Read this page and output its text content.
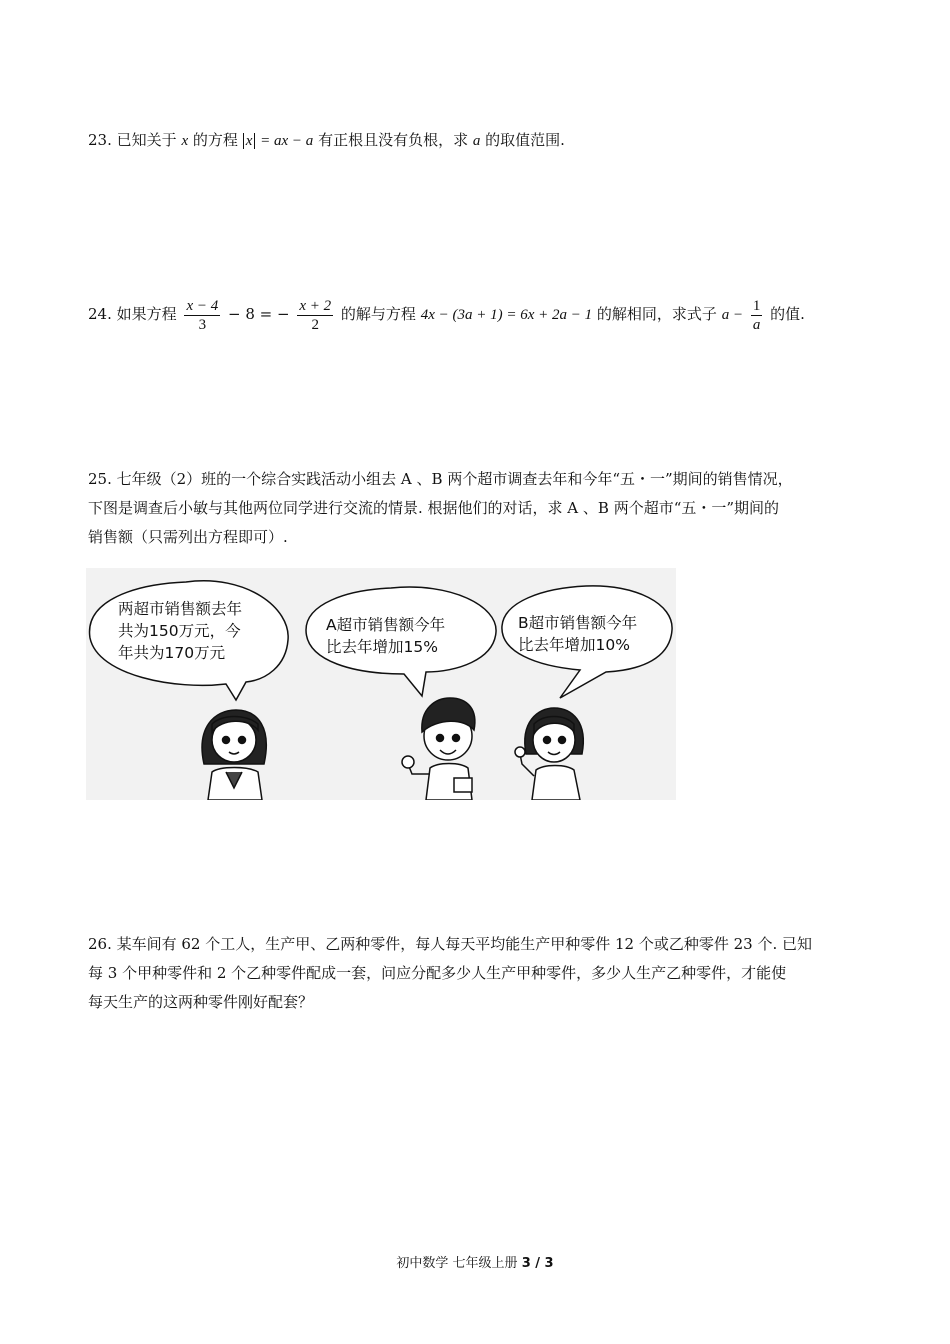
23. 已知关于 x 的方程 x = ax − a 有正根且没有负根，求 a 的取值范围.
24. 如果方程 $\frac{x - 4}{3} - 8$ = − $\frac{x + 2}{2}$ 的解与方程 4x − (3a + 1) = 6x + 2a − 1 的解相同，求式子 $a - \frac{1}{a}$ 的值.
25. 七年级（2）班的一个综合实践活动小组去 A 、B 两个超市调查去年和今年“五・一”期间的销售情况，
下图是调查后小敏与其他两位同学进行交流的情景. 根据他们的对话，求 A 、B 两个超市“五・一”期间的
销售额（只需列出方程即可）.
两超市销售额去年
共为150万元，今
年共为170万元
A超市销售额今年
比去年增加15%
B超市销售额今年
比去年增加10%
26. 某车间有 62 个工人，生产甲、乙两种零件，每人每天平均能生产甲种零件 12 个或乙种零件 23 个. 已知
每 3 个甲种零件和 2 个乙种零件配成一套，问应分配多少人生产甲种零件，多少人生产乙种零件，才能使
每天生产的这两种零件刚好配套？
初中数学 七年级上册 3 / 3
